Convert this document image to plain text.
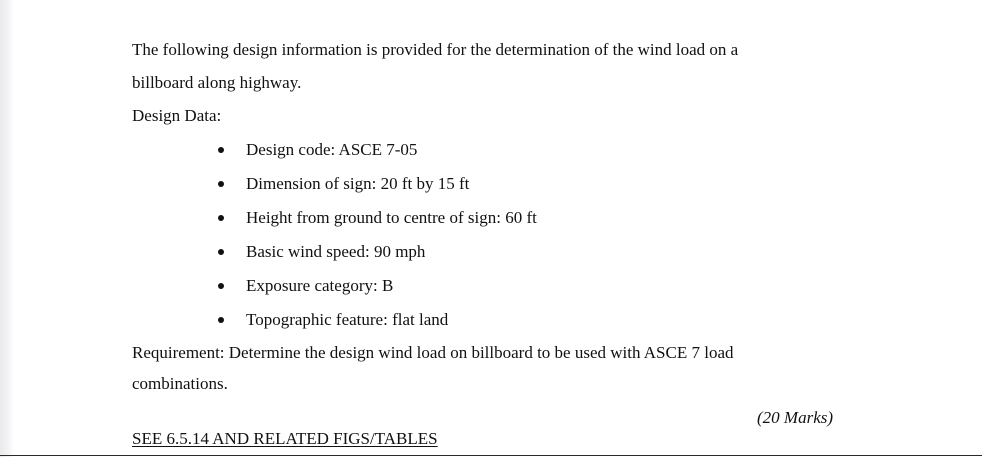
The following design information is provided for the determination of the wind load on a
billboard along highway.
Design Data:
Design code: ASCE 7-05
Dimension of sign: 20 ft by 15 ft
Height from ground to centre of sign: 60 ft
Basic wind speed: 90 mph
Exposure category: B
Topographic feature: flat land
Requirement: Determine the design wind load on billboard to be used with ASCE 7 load
combinations.
(20 Marks)
SEE 6.5.14 AND RELATED FIGS/TABLES
